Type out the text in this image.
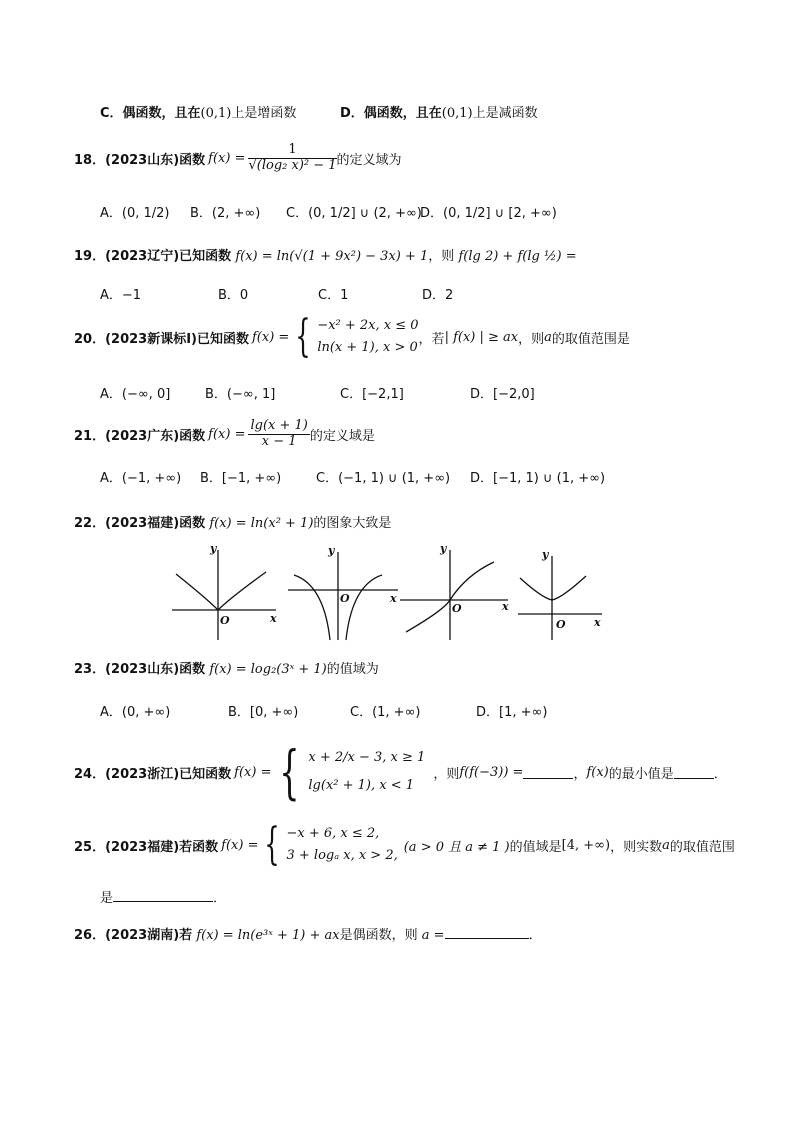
C．偶函数，且在(0,1)上是增函数	D．偶函数，且在(0,1)上是减函数
18． (2023山东)函数 $f(x) = \frac{1}{\text{√(log₂ x)² − 1}}$ 的定义域为
A．(0, 1/2) B．(2, +∞) C．(0, 1/2] ∪ (2, +∞)
D．(0, 1/2] ∪ [2, +∞)
19．(2023辽宁)已知函数 f(x) = ln(√(1 + 9x²) − 3x) + 1，则 f(lg 2) + f(lg ½) =
A．−1	B．0	C．1	D．2
20． (2023新课标Ⅰ)已知函数 f(x) = { −x² + 2x, x ≤ 0
ln(x + 1), x > 0
，若 | f(x) | ≥ ax ，则 a 的取值范围是
A．(−∞, 0]	B．(−∞, 1]	C．[−2,1]	D．[−2,0]
21． (2023广东)函数 $f(x) = \frac{\lg(x + 1)}{x - 1}$ 的定义域是
A．(−1, +∞) B．[−1, +∞)	C．(−1, 1) ∪ (1, +∞) D．[−1, 1) ∪ (1, +∞)
22．(2023福建)函数 f(x) = ln(x² + 1)的图象大致是
y
x
O
y
x
O
y
x
O
y
x
O
23．(2023山东)函数 f(x) = log₂(3ˣ + 1)的值域为
A．(0, +∞)	B．[0, +∞)	C．(1, +∞)	D．[1, +∞)
24． (2023浙江)已知函数 f(x) = { x + 2/x − 3, x ≥ 1
lg(x² + 1), x < 1
，则 f(f(−3)) =	， f(x) 的最小值是	．
25． (2023福建)若函数 f(x) = { −x + 6, x ≤ 2,
3 + logₐ x, x > 2,
(a > 0 且 a ≠ 1 ) 的值域是 [4, +∞) ，则实数 a 的取值范围
是	．
26．(2023湖南)若 f(x) = ln(e³ˣ + 1) + ax是偶函数，则 a =	．
